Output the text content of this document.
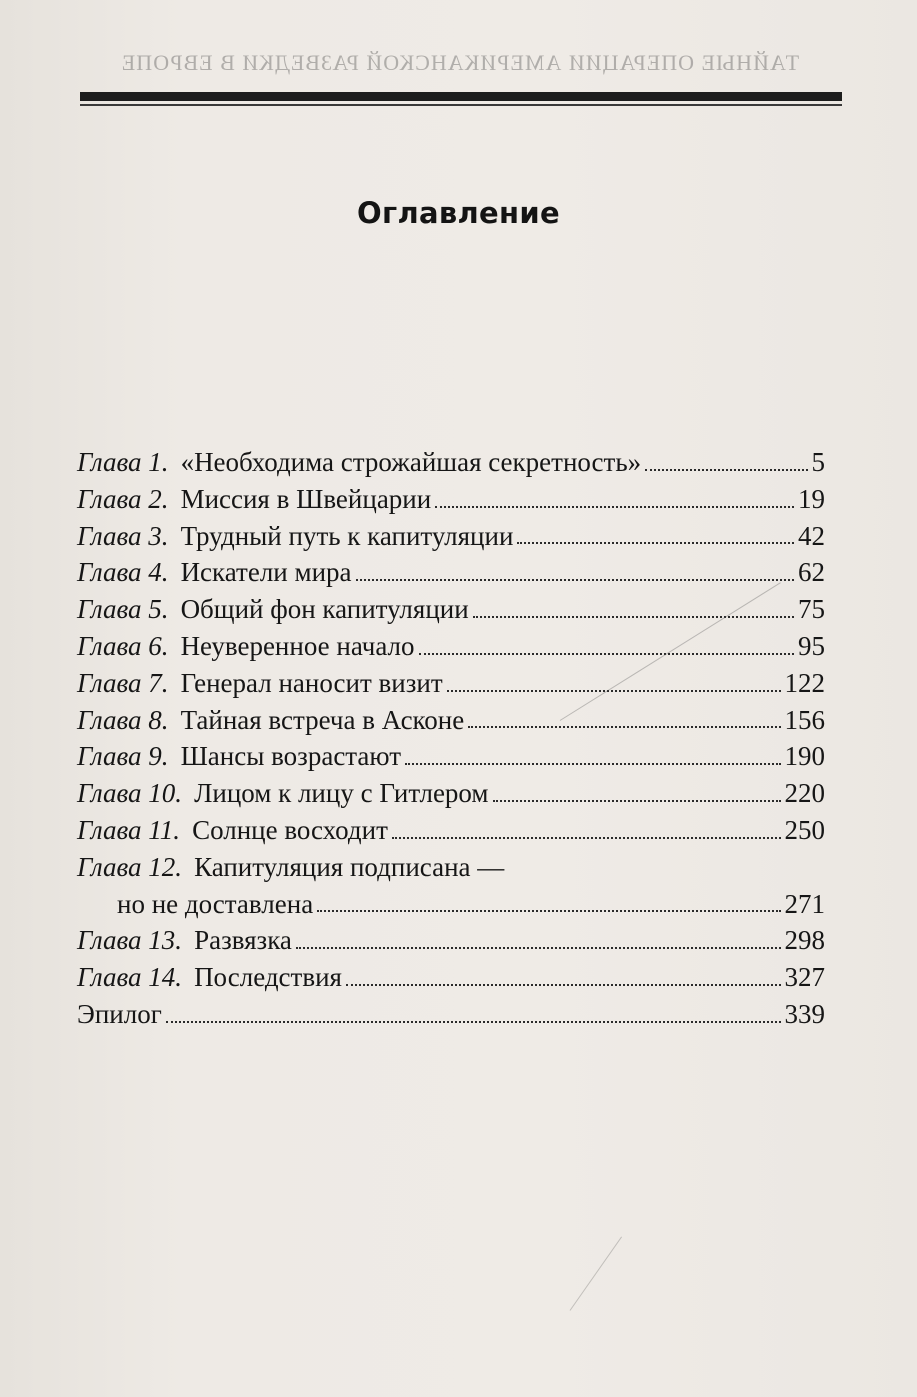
ТАЙНЫЕ ОПЕРАЦИИ АМЕРИКАНСКОЙ РАЗВЕДКИ В ЕВРОПЕ
Оглавление
Глава 1. «Необходима строжайшая секретность»	5
Глава 2. Миссия в Швейцарии	19
Глава 3. Трудный путь к капитуляции	42
Глава 4. Искатели мира	62
Глава 5. Общий фон капитуляции	75
Глава 6. Неуверенное начало	95
Глава 7. Генерал наносит визит	122
Глава 8. Тайная встреча в Асконе	156
Глава 9. Шансы возрастают	190
Глава 10. Лицом к лицу с Гитлером	220
Глава 11. Солнце восходит	250
Глава 12. Капитуляция подписана —
но не доставлена	271
Глава 13. Развязка	298
Глава 14. Последствия	327
Эпилог	339
